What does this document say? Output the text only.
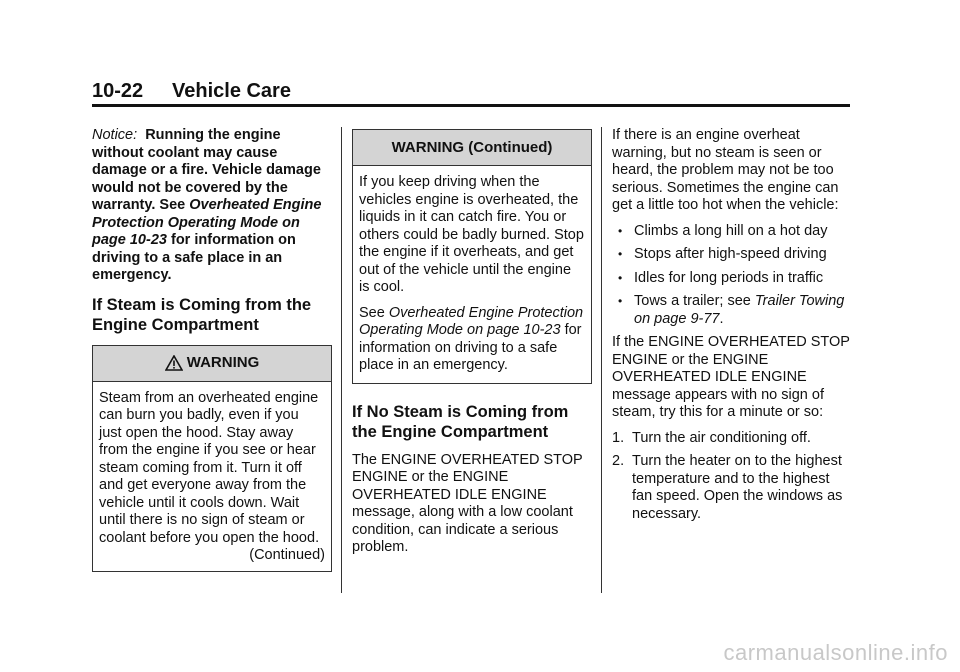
10-22 Vehicle Care

Notice: Running the engine without coolant may cause damage or a fire. Vehicle damage would not be covered by the warranty. See Overheated Engine Protection Operating Mode on page 10-23 for information on driving to a safe place in an emergency.

If Steam is Coming from the Engine Compartment
WARNING

Steam from an overheated engine can burn you badly, even if you just open the hood. Stay away from the engine if you see or hear steam coming from it. Turn it off and get everyone away from the vehicle until it cools down. Wait until there is no sign of steam or coolant before you open the hood.

(Continued)
WARNING (Continued)

If you keep driving when the vehicles engine is overheated, the liquids in it can catch fire. You or others could be badly burned. Stop the engine if it overheats, and get out of the vehicle until the engine is cool.

See Overheated Engine Protection Operating Mode on page 10-23 for information on driving to a safe place in an emergency.

If No Steam is Coming from the Engine Compartment

The ENGINE OVERHEATED STOP ENGINE or the ENGINE OVERHEATED IDLE ENGINE message, along with a low coolant condition, can indicate a serious problem.

If there is an engine overheat warning, but no steam is seen or heard, the problem may not be too serious. Sometimes the engine can get a little too hot when the vehicle:

• Climbs a long hill on a hot day
• Stops after high-speed driving
• Idles for long periods in traffic
• Tows a trailer; see Trailer Towing on page 9-77.

If the ENGINE OVERHEATED STOP ENGINE or the ENGINE OVERHEATED IDLE ENGINE message appears with no sign of steam, try this for a minute or so:

1. Turn the air conditioning off.
2. Turn the heater on to the highest temperature and to the highest fan speed. Open the windows as necessary.
carmanualsonline.info
